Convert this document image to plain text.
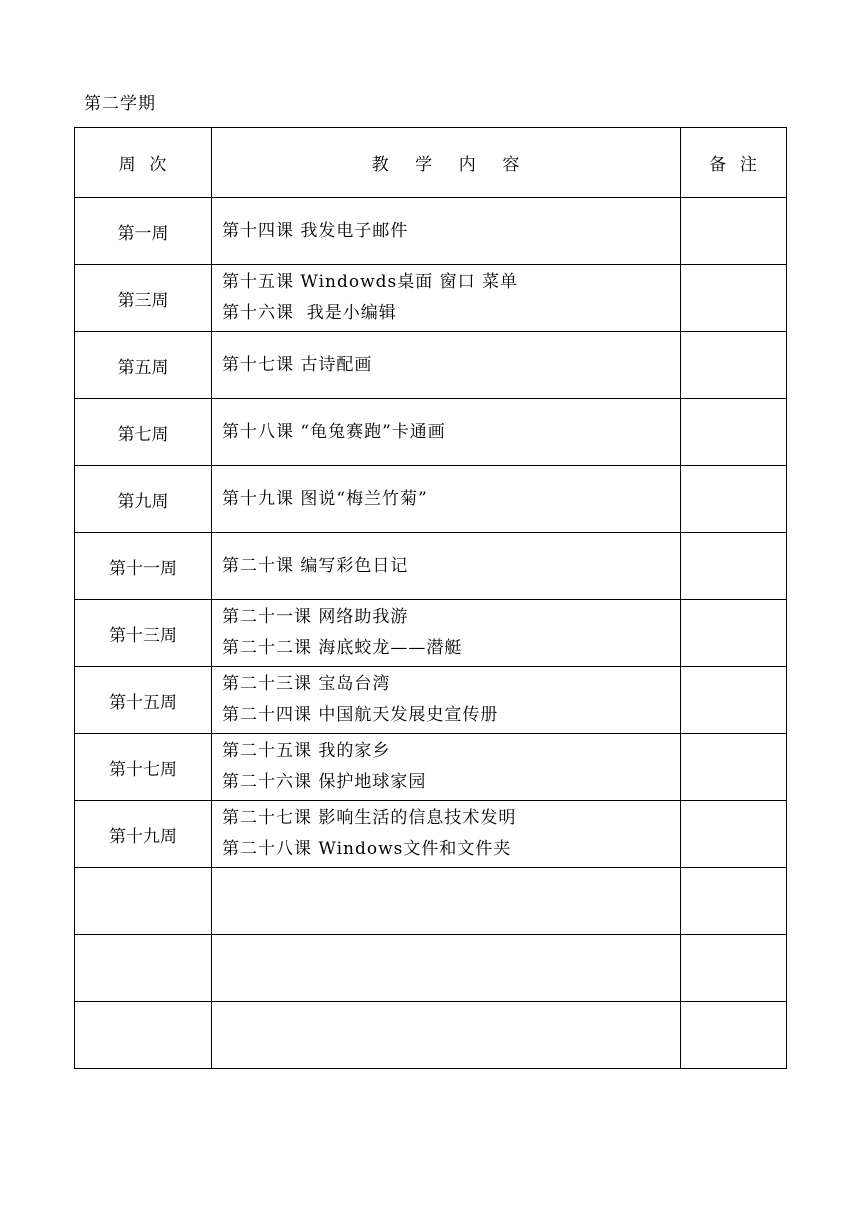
第二学期
周  次	教    学    内    容	备  注
第一周	第十四课 我发电子邮件	

第三周	第十五课 Windowds桌面 窗口 菜单
第十六课  我是小编辑	

第五周	第十七课 古诗配画	

第七周	第十八课 “龟兔赛跑”卡通画	

第九周	第十九课 图说“梅兰竹菊”	

第十一周	第二十课 编写彩色日记	

第十三周	第二十一课 网络助我游
第二十二课 海底蛟龙——潜艇	

第十五周	第二十三课 宝岛台湾
第二十四课 中国航天发展史宣传册	

第十七周	第二十五课 我的家乡
第二十六课 保护地球家园	

第十九周	第二十七课 影响生活的信息技术发明
第二十八课 Windows文件和文件夹	
